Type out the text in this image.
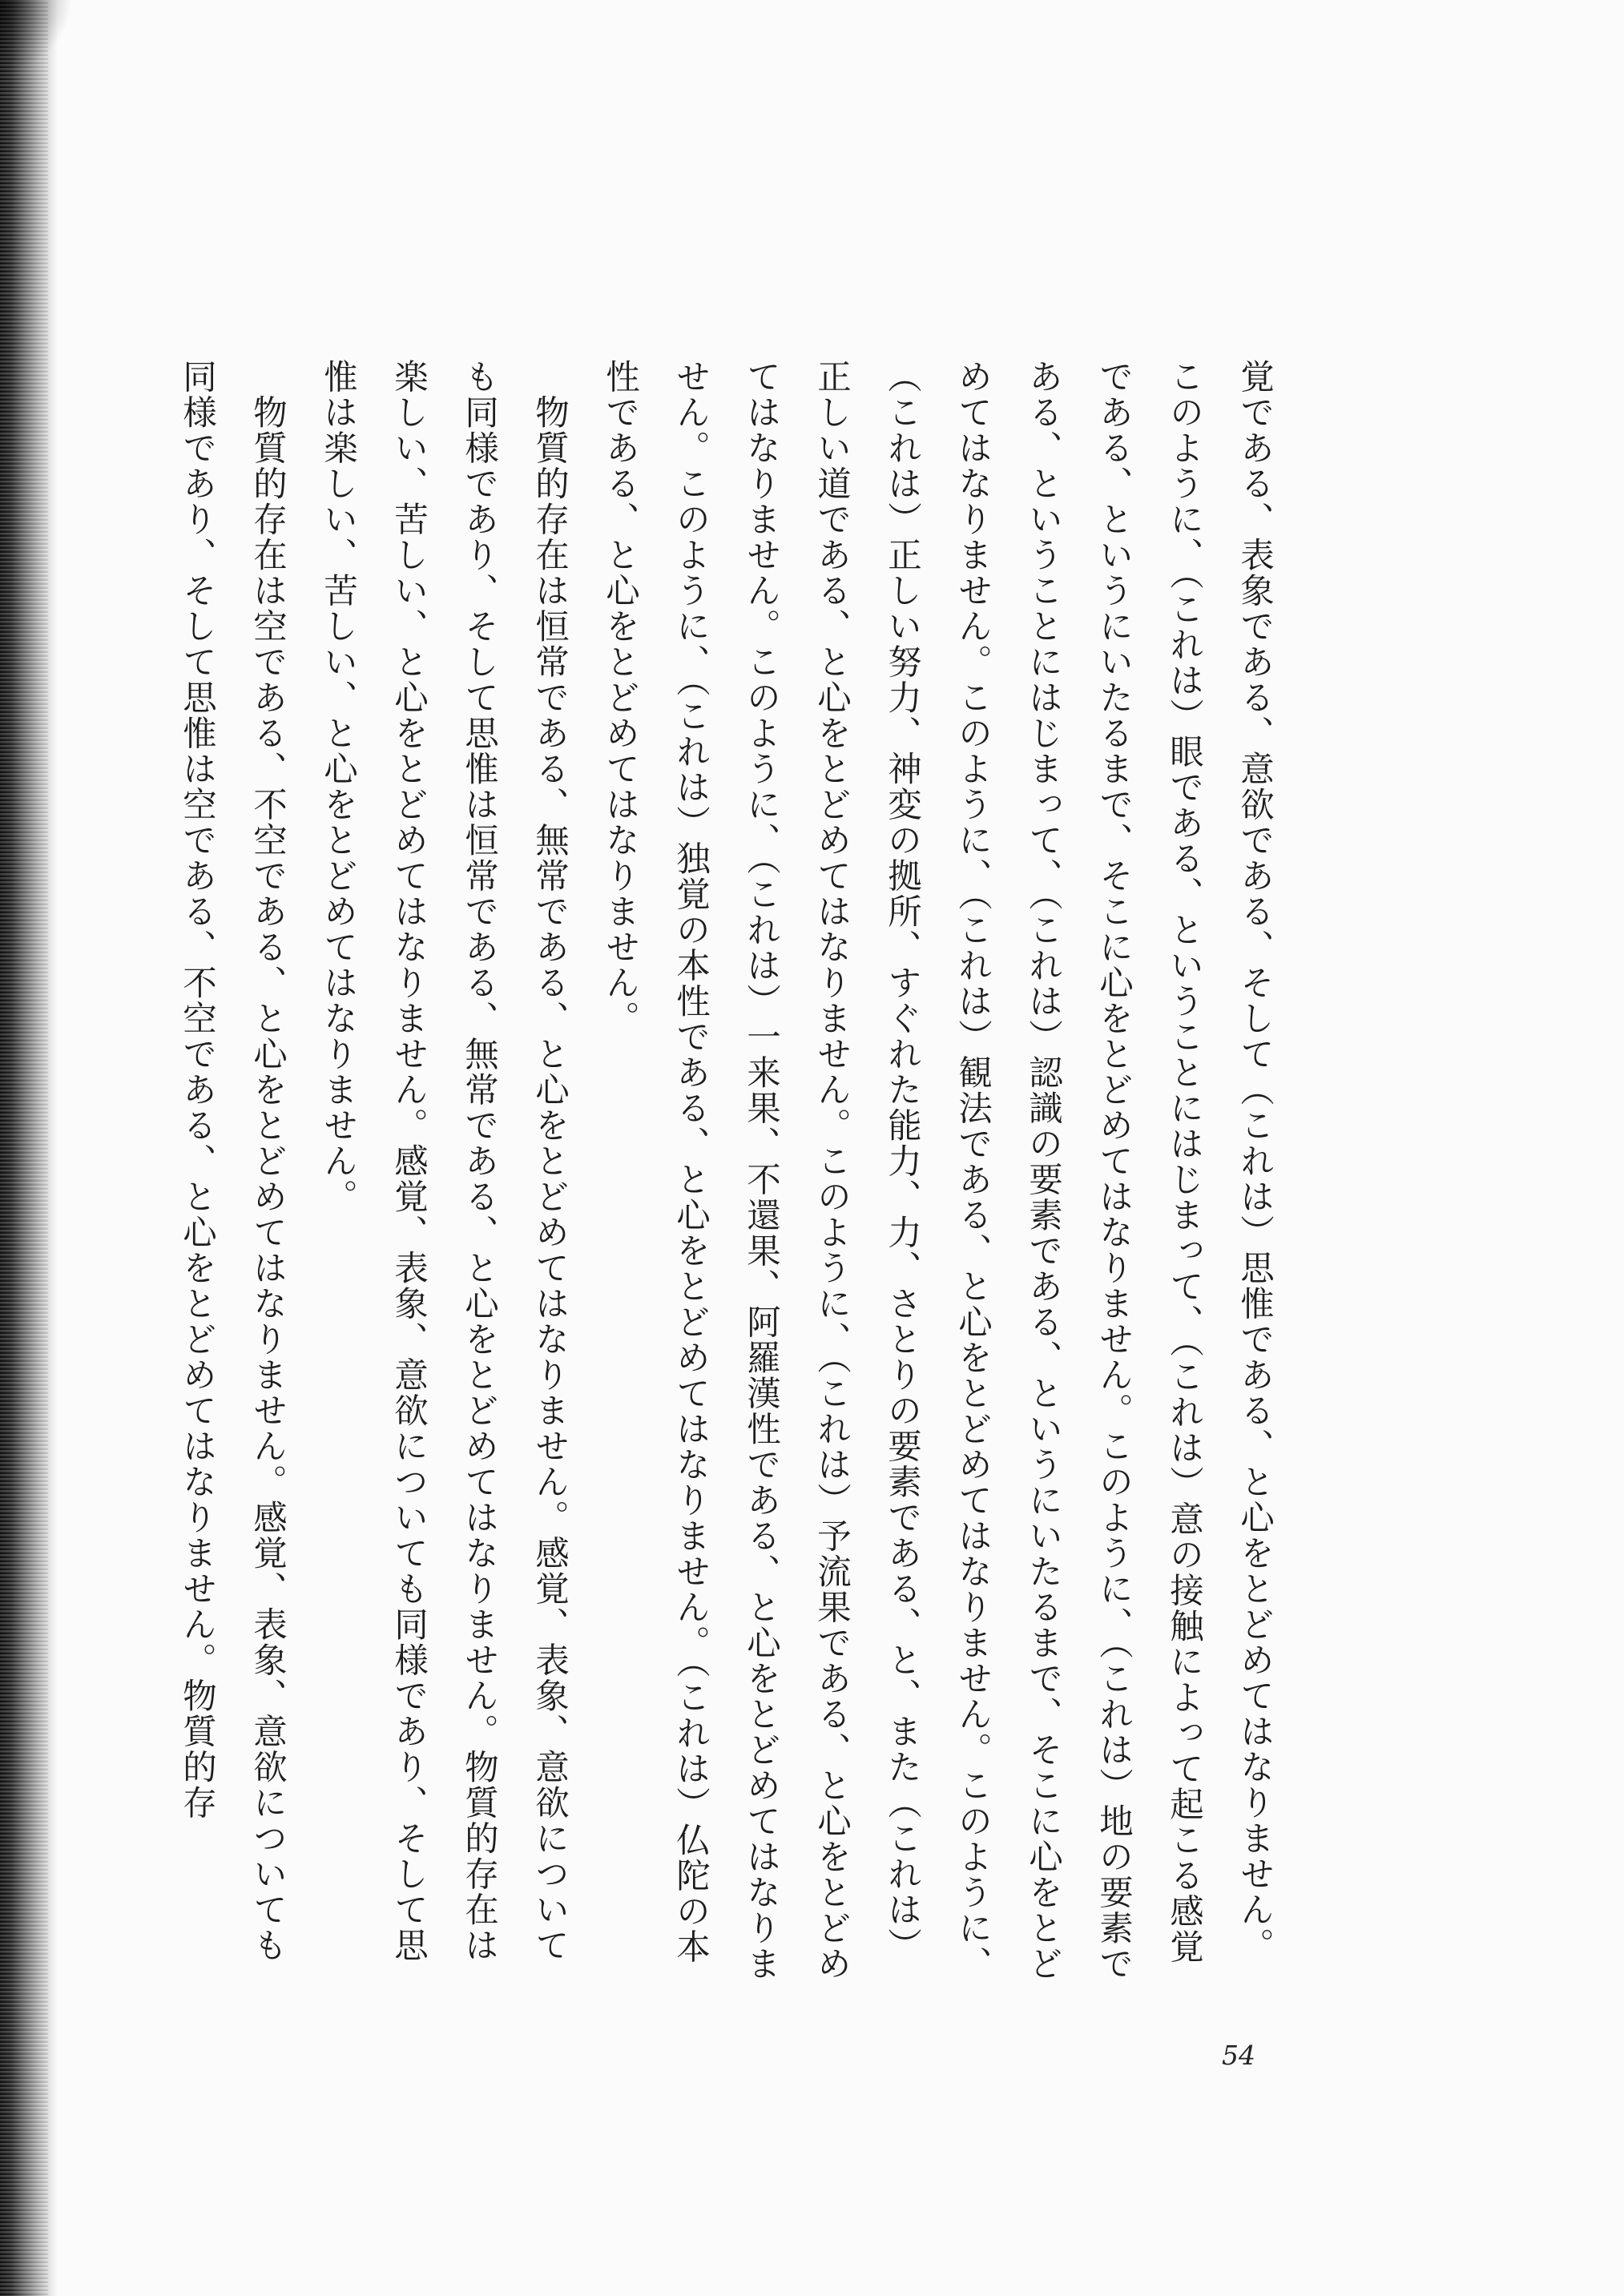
覚である、表象である、意欲である、そして（これは）思惟である、と心をとどめてはなりません。このように、（これは）眼である、ということにはじまって、（これは）意の接触によって起こる感覚である、というにいたるまで、そこに心をとどめてはなりません。このように、（これは）地の要素である、ということにはじまって、（これは）認識の要素である、というにいたるまで、そこに心をとどめてはなりません。このように、（これは）観法である、と心をとどめてはなりません。このように、（これは）正しい努力、神変の拠所、すぐれた能力、力、さとりの要素である、と、また（これは）正しい道である、と心をとどめてはなりません。このように、（これは）予流果である、と心をとどめてはなりません。このように、（これは）一来果、不還果、阿羅漢性である、と心をとどめてはなりません。このように、（これは）独覚の本性である、と心をとどめてはなりません。（これは）仏陀の本性である、と心をとどめてはなりません。

　物質的存在は恒常である、無常である、と心をとどめてはなりません。感覚、表象、意欲についても同様であり、そして思惟は恒常である、無常である、と心をとどめてはなりません。物質的存在は楽しい、苦しい、と心をとどめてはなりません。感覚、表象、意欲についても同様であり、そして思惟は楽しい、苦しい、と心をとどめてはなりません。

　物質的存在は空である、不空である、と心をとどめてはなりません。感覚、表象、意欲についても同様であり、そして思惟は空である、不空である、と心をとどめてはなりません。物質的存

54
